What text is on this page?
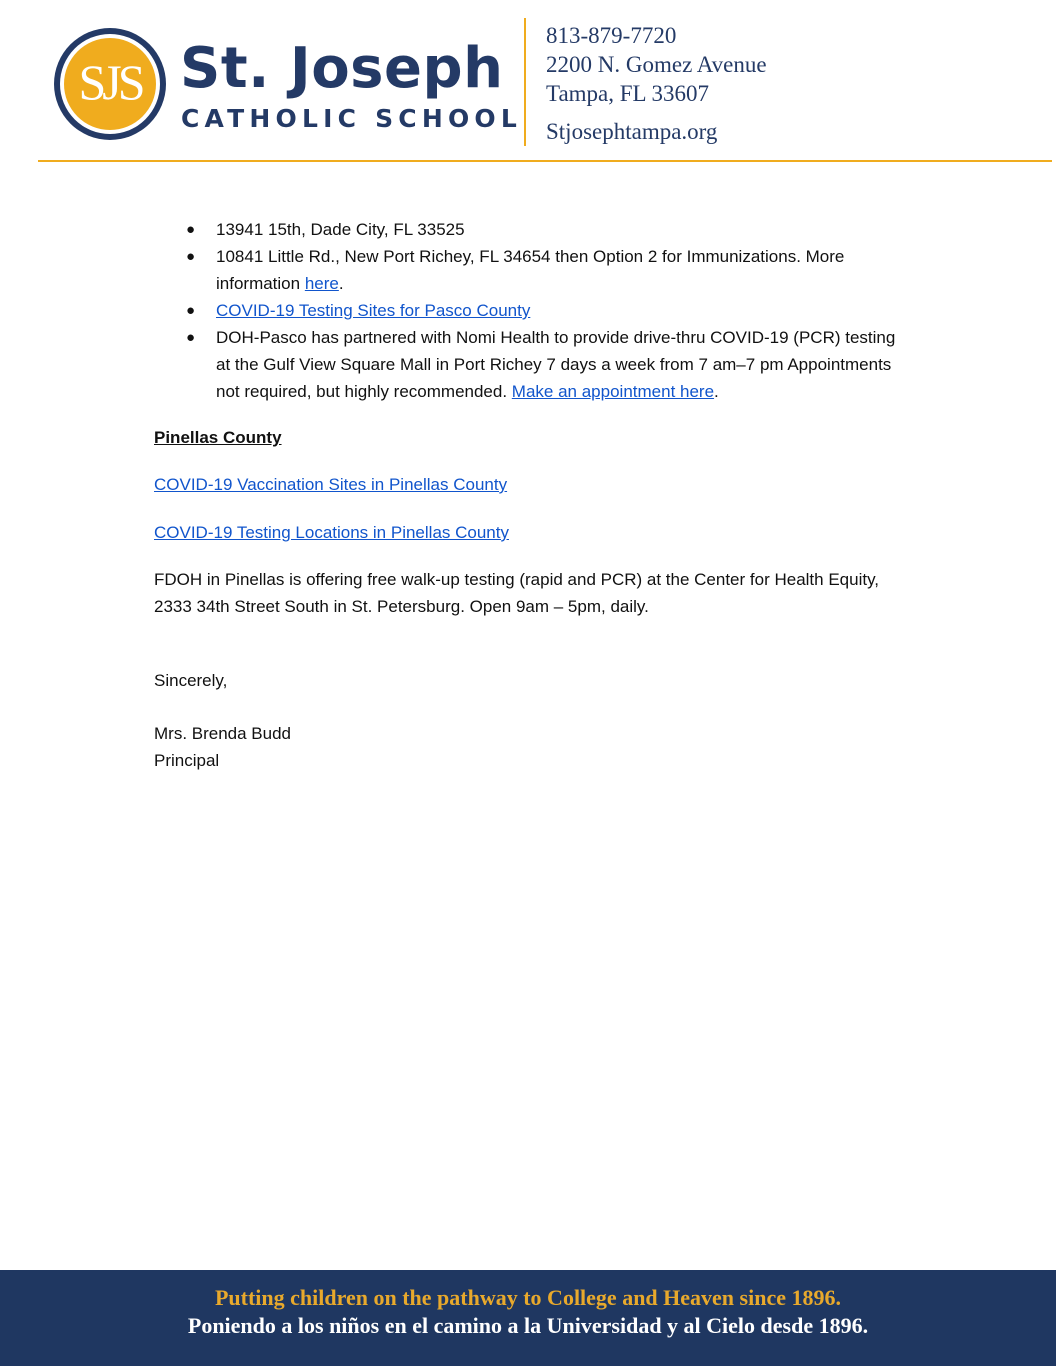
SJS St. Joseph
CATHOLIC SCHOOL
813-879-7720
2200 N. Gomez Avenue
Tampa, FL 33607
Stjosephtampa.org
● 13941 15th, Dade City, FL 33525
● 10841 Little Rd., New Port Richey, FL 34654 then Option 2 for Immunizations. More information here.
● COVID-19 Testing Sites for Pasco County
● DOH-Pasco has partnered with Nomi Health to provide drive-thru COVID-19 (PCR) testing at the Gulf View Square Mall in Port Richey 7 days a week from 7 am–7 pm Appointments not required, but highly recommended. Make an appointment here.
Pinellas County
COVID-19 Vaccination Sites in Pinellas County
COVID-19 Testing Locations in Pinellas County
FDOH in Pinellas is offering free walk-up testing (rapid and PCR) at the Center for Health Equity,
2333 34th Street South in St. Petersburg. Open 9am – 5pm, daily.
Sincerely,
Mrs. Brenda Budd
Principal
Putting children on the pathway to College and Heaven since 1896.
Poniendo a los niños en el camino a la Universidad y al Cielo desde 1896.
